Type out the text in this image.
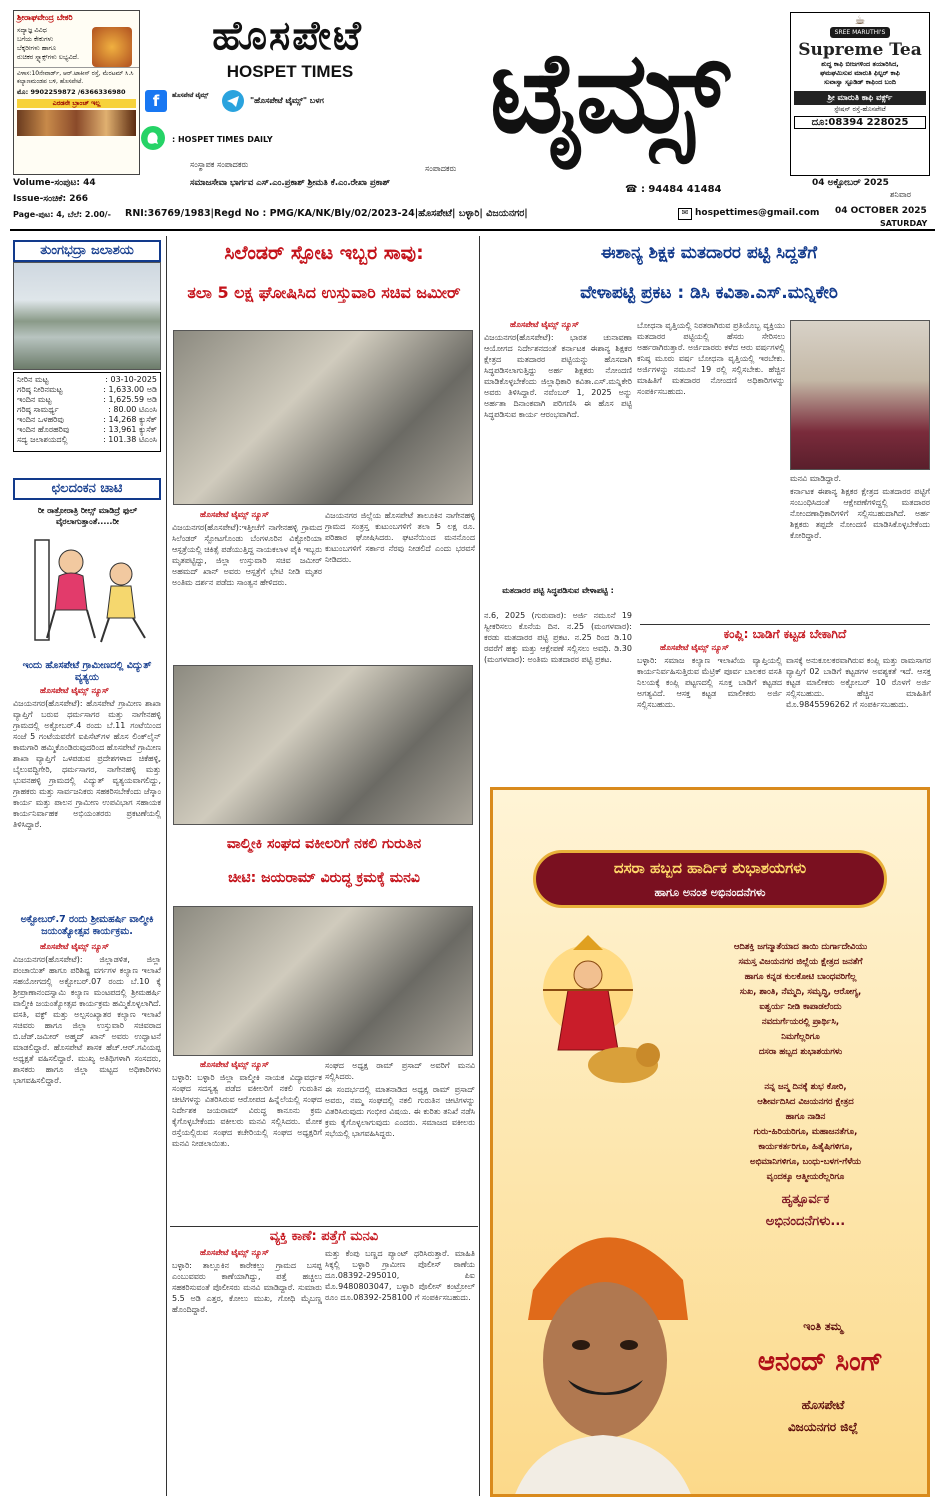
ಶ್ರೀರಾಘವೇಂದ್ರ ಬೇಕರಿ
ಸದ್ಯಾಜ್ಞ ವಿವಿಧ
ಬಗೆಯ ಕೇಕುಗಳು
ಬೆಕ್ಕರೀಗಳು ಹಾಗೂ
ರುಚಿಕರ ಸ್ನ್ಯಾಕ್ಸ್‌ಗಳು ಲಭ್ಯವಿದೆ.
ವಿಳಾಸ:10ನೇವಾರ್ಡ್, ಆರ್.ಟಾಕೀಸ್ ರಸ್ತೆ, ಮೆರಟಮ್ ಸಿ.ಸಿ ಕಲ್ಯಾಣಮಂಡಪ ಬಳಿ, ಹೊಸಪೇಟೆ.
ಮೊ: 9902259872 /6366336980
ಎರಡನೇ ಬ್ರಾಂಚ್ ಇಲ್ಲ
ಹೊಸಪೇಟೆ
HOSPET TIMES
f	ಹೊಸಪೇಟೆ ಟೈಮ್ಸ್
"ಹೊಸಪೇಟೆ ಟೈಮ್ಸ್" ಬಳಗ
: HOSPET TIMES DAILY	ಟೈಮ್ಸ್
☕
SREE MARUTHI'S
Supreme Tea
ಶುದ್ಧ ಕಾಫಿ ಬೀಜಗಳಿಂದ ತಯಾರಿಸಿದ,
ಘಮಘಮಿಸುವ ಮಾರುತಿ ಫಿಲ್ಟರ್ ಕಾಫಿ
ಸುವಾಸ್ವಾ ಸ್ಟೂಡಿಡ್ ಕಾಫಿಂದ ಬಂದಿ
ಶ್ರೀ ಮಾರುತಿ ಕಾಫಿ ವರ್ಕ್ಸ್
ಸ್ಟೇಷನ್ ರಸ್ತೆ-ಹೊಸಪೇಟೆ
ದೂ:08394 228025
ಸಂಸ್ಥಾಪಕ ಸಂಪಾದಕರು	ಸಂಪಾದಕರು
Volume-ಸಂಪುಟ: 44	ಸಮಾಜಸೇವಾ ಭಾರ್ಗವ ಎಸ್.ಎಂ.ಪ್ರಕಾಶ್ ಶ್ರೀಮತಿ ಕೆ.ಎಂ.ರೇಖಾ ಪ್ರಕಾಶ್
☎ : 94484 41484
04 ಅಕ್ಟೋಬರ್ 2025
ಶನಿವಾರ
Issue-ಸಂಚಿಕೆ: 266
Page-ಪುಟ: 4, ಬೆಲೆ: 2.00/-	RNI:36769/1983|Regd No : PMG/KA/NK/Bly/02/2023-24|ಹೊಸಪೇಟೆ| ಬಳ್ಳಾರಿ| ವಿಜಯನಗರ|	✉ hospettimes@gmail.com	04 OCTOBER 2025
SATURDAY
ತುಂಗಭದ್ರಾ ಜಲಾಶಯ
ನೀರಿನ ಮಟ್ಟ	: 03-10-2025
ಗರಿಷ್ಠ ನೀರಿನಮಟ್ಟ	: 1,633.00 ಅಡಿ
ಇಂದಿನ ಮಟ್ಟ	: 1,625.59 ಅಡಿ
ಗರಿಷ್ಠ ಸಾಮರ್ಥ್ಯ	: 80.00 ಟಿಎಂಸಿ
ಇಂದಿನ ಒಳಹರಿವು	: 14,268 ಕ್ಯುಸೆಕ್
ಇಂದಿನ ಹೊರಹರಿವು	: 13,961 ಕ್ಯುಸೆಕ್
ಸದ್ಯ ಜಲಾಶಯದಲ್ಲಿ	: 101.38 ಟಿಎಂಸಿ
ಛಲದಂಕನ ಚಾಟಿ
ರೀ ರಾತ್ರೋರಾತ್ರಿ ರೀಲ್ಸ್ ಮಾಡಿದ್ರೆ ಫುಲ್ ವೈರಲಾಗುತ್ತಾಂತೆ.....ರೀ
ಇಂದು ಹೊಸಪೇಟೆ ಗ್ರಾಮೀಣದಲ್ಲಿ ವಿದ್ಯುತ್ ವ್ಯತ್ಯಯ
ಹೊಸಪೇಟೆ ಟೈಮ್ಸ್ ನ್ಯೂಸ್
ವಿಜಯನಗರ(ಹೊಸಪೇಟೆ): ಹೊಸಪೇಟೆ ಗ್ರಾಮೀಣ ಶಾಖಾ ವ್ಯಾಪ್ತಿಗೆ ಬರುವ ಧರ್ಮಸಾಗರ ಮತ್ತು ನಾಗೇನಹಳ್ಳಿ ಗ್ರಾಮದಲ್ಲಿ ಅಕ್ಟೋಬರ್.4 ರಂದು ಬೆ.11 ಗಂಟೆಯಿಂದ ಸಂಜೆ 5 ಗಂಟೆಯವರೆಗೆ ಐಪಿಸೆಟ್‌ಗಳ ಹೊಸ ಲಿಂಕ್‌ಲೈನ್ ಕಾಮಗಾರಿ ಹಮ್ಮಿಕೊಂಡಿರುವುದರಿಂದ ಹೊಸಪೇಟೆ ಗ್ರಾಮೀಣ ಶಾಖಾ ವ್ಯಾಪ್ತಿಗೆ ಒಳಪಡುವ ಪ್ರದೇಶಗಳಾದ ಚಿಕೆಹಳ್ಳಿ, ಬೈಲುವದ್ದಿಗೇರಿ, ಧರ್ಮಸಾಗರ, ನಾಗೇನಹಳ್ಳಿ ಮತ್ತು ಭುವನಹಳ್ಳಿ ಗ್ರಾಮದಲ್ಲಿ ವಿದ್ಯುತ್ ವ್ಯತ್ಯಯವಾಗಲಿದ್ದು, ಗ್ರಾಹಕರು ಮತ್ತು ಸಾರ್ವಜನಿಕರು ಸಹಕರಿಸಬೇಕೆಂದು ಜೆಸ್ಕಾಂ ಕಾರ್ಯ ಮತ್ತು ಪಾಲನ ಗ್ರಾಮೀಣ ಉಪವಿಭಾಗ ಸಹಾಯಕ ಕಾರ್ಯನಿರ್ವಾಹಕ ಅಭಿಯಂತರರು ಪ್ರಕಟಣೆಯಲ್ಲಿ ತಿಳಿಸಿದ್ದಾರೆ.
ಅಕ್ಟೋಬರ್.7 ರಂದು ಶ್ರೀಮಹರ್ಷಿ ವಾಲ್ಮೀಕಿ ಜಯಂತ್ಯೋತ್ಸವ ಕಾರ್ಯಕ್ರಮ.
ಹೊಸಪೇಟೆ ಟೈಮ್ಸ್ ನ್ಯೂಸ್
ವಿಜಯನಗರ(ಹೊಸಪೇಟೆ): ಜಿಲ್ಲಾಡಳಿತ, ಜಿಲ್ಲಾ ಪಂಚಾಯಿತ್ ಹಾಗೂ ಪರಿಶಿಷ್ಟ ವರ್ಗಗಳ ಕಲ್ಯಾಣ ಇಲಾಖೆ ಸಹಯೋಗದಲ್ಲಿ ಅಕ್ಟೋಬರ್.07 ರಂದು ಬೆ.10 ಕ್ಕೆ ಶ್ರೀಪ್ರಾಣಾನಂದಸ್ವಾಮಿ ಕಲ್ಯಾಣ ಮಂಟಪದಲ್ಲಿ ಶ್ರೀಮಹರ್ಷಿ ವಾಲ್ಮೀಕಿ ಜಯಂತ್ಯೋತ್ಸವ ಕಾರ್ಯಕ್ರಮ ಹಮ್ಮಿಕೊಳ್ಳಲಾಗಿದೆ. ವಸತಿ, ವಕ್ಫ್ ಮತ್ತು ಅಲ್ಪಸಂಖ್ಯಾತರ ಕಲ್ಯಾಣ ಇಲಾಖೆ ಸಚಿವರು ಹಾಗೂ ಜಿಲ್ಲಾ ಉಸ್ತುವಾರಿ ಸಚಿವರಾದ ಬಿ.ಜೆಡ್.ಜಮೀರ್ ಅಹ್ಮದ್ ಖಾನ್ ಅವರು ಉದ್ಘಾಟನೆ ಮಾಡಲಿದ್ದಾರೆ. ಹೊಸಪೇಟೆ ಶಾಸಕ ಹೆಚ್.ಆರ್.ಗವಿಯಪ್ಪ ಅಧ್ಯಕ್ಷತೆ ವಹಿಸಲಿದ್ದಾರೆ. ಮುಖ್ಯ ಅತಿಥಿಗಳಾಗಿ ಸಂಸದರು, ಶಾಸಕರು ಹಾಗೂ ಜಿಲ್ಲಾ ಮಟ್ಟದ ಅಧಿಕಾರಿಗಳು ಭಾಗವಹಿಸಲಿದ್ದಾರೆ.
ಸಿಲೆಂಡರ್ ಸ್ಪೋಟ ಇಬ್ಬರ ಸಾವು:
ತಲಾ 5 ಲಕ್ಷ ಘೋಷಿಸಿದ ಉಸ್ತುವಾರಿ ಸಚಿವ ಜಮೀರ್
ಹೊಸಪೇಟೆ ಟೈಮ್ಸ್ ನ್ಯೂಸ್
ವಿಜಯನಗರ(ಹೊಸಪೇಟೆ):ಇತ್ತೀಚೆಗೆ ನಾಗೇನಹಳ್ಳಿ ಗ್ರಾಮದ ಸಿಲೆಂಡರ್ ಸ್ಪೋಟಗೊಂಡು ಬೆಂಗಳೂರಿನ ವಿಕ್ಟೋರಿಯಾ ಆಸ್ಪತ್ರೆಯಲ್ಲಿ ಚಿಕಿತ್ಸೆ ಪಡೆಯುತ್ತಿದ್ದ ನಾಯಕಲಾಳ ಪೈಕಿ ಇಬ್ಬರು ಮೃತಪಟ್ಟಿದ್ದು, ಜಿಲ್ಲಾ ಉಸ್ತುವಾರಿ ಸಚಿವ ಜಮೀರ್ ಅಹಮದ್ ಖಾನ್ ಅವರು ಆಸ್ಪತ್ರೆಗೆ ಭೇಟಿ ನೀಡಿ ಮೃತರ ಅಂತಿಮ ದರ್ಶನ ಪಡೆದು ಸಾಂತ್ವನ ಹೇಳಿದರು.
ವಿಜಯನಗರ ಜಿಲ್ಲೆಯ ಹೊಸಪೇಟೆ ತಾಲೂಕಿನ ನಾಗೇನಹಳ್ಳಿ ಗ್ರಾಮದ ಸಂತ್ರಸ್ತ ಕುಟುಂಬಗಳಿಗೆ ತಲಾ 5 ಲಕ್ಷ ರೂ. ಪರಿಹಾರ ಘೋಷಿಸಿದರು. ಘಟನೆಯಿಂದ ಮನನೊಂದ ಕುಟುಂಬಗಳಿಗೆ ಸರ್ಕಾರ ನೆರವು ನೀಡಲಿದೆ ಎಂದು ಭರವಸೆ ನೀಡಿದರು.
ವಾಲ್ಮೀಕಿ ಸಂಘದ ವಕೀಲರಿಗೆ ನಕಲಿ ಗುರುತಿನ
ಚೀಟಿ: ಜಯರಾಮ್ ವಿರುದ್ಧ ಕ್ರಮಕ್ಕೆ ಮನವಿ
ಹೊಸಪೇಟೆ ಟೈಮ್ಸ್ ನ್ಯೂಸ್
ಬಳ್ಳಾರಿ: ಬಳ್ಳಾರಿ ಜಿಲ್ಲಾ ವಾಲ್ಮೀಕಿ ನಾಯಕ ವಿದ್ಯಾವರ್ಧಕ ಸಂಘದ ಸದಸ್ಯತ್ವ ಪಡೆದ ವಕೀಲರಿಗೆ ನಕಲಿ ಗುರುತಿನ ಚೀಟಿಗಳನ್ನು ವಿತರಿಸಿರುವ ಆರೋಪದ ಹಿನ್ನೆಲೆಯಲ್ಲಿ ಸಂಘದ ನಿರ್ದೇಶಕ ಜಯರಾಮ್ ವಿರುದ್ಧ ಕಾನೂನು ಕ್ರಮ ಕೈಗೊಳ್ಳಬೇಕೆಂದು ವಕೀಲರು ಮನವಿ ಸಲ್ಲಿಸಿದರು. ಮೋಕ ರಸ್ತೆಯಲ್ಲಿರುವ ಸಂಘದ ಕಚೇರಿಯಲ್ಲಿ ಸಂಘದ ಅಧ್ಯಕ್ಷರಿಗೆ ಮನವಿ ನೀಡಲಾಯಿತು.
ಸಂಘದ ಅಧ್ಯಕ್ಷ ರಾಮ್ ಪ್ರಸಾದ್ ಅವರಿಗೆ ಮನವಿ ಸಲ್ಲಿಸಿದರು.
ಈ ಸಂದರ್ಭದಲ್ಲಿ ಮಾತನಾಡಿದ ಅಧ್ಯಕ್ಷ ರಾಮ್ ಪ್ರಸಾದ್ ಅವರು, ನಮ್ಮ ಸಂಘದಲ್ಲಿ ನಕಲಿ ಗುರುತಿನ ಚೀಟಿಗಳನ್ನು ವಿತರಿಸಿರುವುದು ಗಂಭೀರ ವಿಷಯ. ಈ ಕುರಿತು ತನಿಖೆ ನಡೆಸಿ ಕ್ರಮ ಕೈಗೊಳ್ಳಲಾಗುವುದು ಎಂದರು. ಸಮಾಜದ ವಕೀಲರು ಸಭೆಯಲ್ಲಿ ಭಾಗವಹಿಸಿದ್ದರು.
ವ್ಯಕ್ತಿ ಕಾಣೆ: ಪತ್ತೆಗೆ ಮನವಿ
ಹೊಸಪೇಟೆ ಟೈಮ್ಸ್ ನ್ಯೂಸ್
ಬಳ್ಳಾರಿ: ತಾಲ್ಲೂಕಿನ ಕಾರೇಕಲ್ಲು ಗ್ರಾಮದ ಬಸಪ್ಪ ಎಂಬುವವರು ಕಾಣೆಯಾಗಿದ್ದು, ಪತ್ತೆ ಹಚ್ಚಲು ಸಹಕರಿಸುವಂತೆ ಪೊಲೀಸರು ಮನವಿ ಮಾಡಿದ್ದಾರೆ. ಸುಮಾರು 5.5 ಅಡಿ ಎತ್ತರ, ಕೋಲು ಮುಖ, ಗೋಧಿ ಮೈಬಣ್ಣ ಹೊಂದಿದ್ದಾರೆ.
ಮತ್ತು ಕೆಂಪು ಬಣ್ಣದ ಪ್ಯಾಂಟ್ ಧರಿಸಿರುತ್ತಾರೆ. ಮಾಹಿತಿ ಸಿಕ್ಕಲ್ಲಿ ಬಳ್ಳಾರಿ ಗ್ರಾಮೀಣ ಪೊಲೀಸ್ ಠಾಣೆಯ ದೂ.08392-295010, ಪಿಐ ಮೊ.9480803047, ಬಳ್ಳಾರಿ ಪೊಲೀಸ್ ಕಂಟ್ರೋಲ್ ರೂಂ ದೂ.08392-258100 ಗೆ ಸಂಪರ್ಕಿಸಬಹುದು.
ಈಶಾನ್ಯ ಶಿಕ್ಷಕ ಮತದಾರರ ಪಟ್ಟಿ ಸಿದ್ದತೆಗೆ
ವೇಳಾಪಟ್ಟಿ ಪ್ರಕಟ : ಡಿಸಿ ಕವಿತಾ.ಎಸ್.ಮನ್ನಿಕೇರಿ
ಹೊಸಪೇಟೆ ಟೈಮ್ಸ್ ನ್ಯೂಸ್
ವಿಜಯನಗರ(ಹೊಸಪೇಟೆ): ಭಾರತ ಚುನಾವಣಾ ಆಯೋಗದ ನಿರ್ದೇಶನದಂತೆ ಕರ್ನಾಟಕ ಈಶಾನ್ಯ ಶಿಕ್ಷಕರ ಕ್ಷೇತ್ರದ ಮತದಾರರ ಪಟ್ಟಿಯನ್ನು ಹೊಸದಾಗಿ ಸಿದ್ಧಪಡಿಸಲಾಗುತ್ತಿದ್ದು ಅರ್ಹ ಶಿಕ್ಷಕರು ನೋಂದಣಿ ಮಾಡಿಕೊಳ್ಳಬೇಕೆಂದು ಜಿಲ್ಲಾಧಿಕಾರಿ ಕವಿತಾ.ಎಸ್.ಮನ್ನಿಕೇರಿ ಅವರು ತಿಳಿಸಿದ್ದಾರೆ. ನವೆಂಬರ್ 1, 2025 ಅನ್ನು ಅರ್ಹತಾ ದಿನಾಂಕವಾಗಿ ಪರಿಗಣಿಸಿ ಈ ಹೊಸ ಪಟ್ಟಿ ಸಿದ್ಧಪಡಿಸುವ ಕಾರ್ಯ ಆರಂಭವಾಗಿದೆ.
ಮತದಾರರ ಪಟ್ಟಿ ಸಿದ್ಧಪಡಿಸುವ ವೇಳಾಪಟ್ಟಿ :
ನ.6, 2025 (ಗುರುವಾರ): ಅರ್ಜಿ ನಮೂನೆ 19 ಸ್ವೀಕರಿಸಲು ಕೊನೆಯ ದಿನ. ನ.25 (ಮಂಗಳವಾರ): ಕರಡು ಮತದಾರರ ಪಟ್ಟಿ ಪ್ರಕಟ. ನ.25 ರಿಂದ ಡಿ.10 ರವರೆಗೆ ಹಕ್ಕು ಮತ್ತು ಆಕ್ಷೇಪಣೆ ಸಲ್ಲಿಸಲು ಅವಧಿ. ಡಿ.30 (ಮಂಗಳವಾರ): ಅಂತಿಮ ಮತದಾರರ ಪಟ್ಟಿ ಪ್ರಕಟ.
ಬೋಧನಾ ವೃತ್ತಿಯಲ್ಲಿ ನಿರತರಾಗಿರುವ ಪ್ರತಿಯೊಬ್ಬ ವ್ಯಕ್ತಿಯು ಮತದಾರರ ಪಟ್ಟಿಯಲ್ಲಿ ಹೆಸರು ಸೇರಿಸಲು ಅರ್ಹರಾಗಿರುತ್ತಾರೆ. ಅರ್ಜಿದಾರರು ಕಳೆದ ಆರು ವರ್ಷಗಳಲ್ಲಿ ಕನಿಷ್ಠ ಮೂರು ವರ್ಷ ಬೋಧನಾ ವೃತ್ತಿಯಲ್ಲಿ ಇರಬೇಕು. ಅರ್ಜಿಗಳನ್ನು ನಮೂನೆ 19 ರಲ್ಲಿ ಸಲ್ಲಿಸಬೇಕು. ಹೆಚ್ಚಿನ ಮಾಹಿತಿಗೆ ಮತದಾರರ ನೋಂದಣಿ ಅಧಿಕಾರಿಗಳನ್ನು ಸಂಪರ್ಕಿಸಬಹುದು.
ಮನವಿ ಮಾಡಿದ್ದಾರೆ.
ಕರ್ನಾಟಕ ಈಶಾನ್ಯ ಶಿಕ್ಷಕರ ಕ್ಷೇತ್ರದ ಮತದಾರರ ಪಟ್ಟಿಗೆ ಸಂಬಂಧಿಸಿದಂತೆ ಆಕ್ಷೇಪಣೆಗಳಿದ್ದಲ್ಲಿ ಮತದಾರರ ನೋಂದಣಾಧಿಕಾರಿಗಳಿಗೆ ಸಲ್ಲಿಸಬಹುದಾಗಿದೆ. ಅರ್ಹ ಶಿಕ್ಷಕರು ತಪ್ಪದೇ ನೋಂದಣಿ ಮಾಡಿಸಿಕೊಳ್ಳಬೇಕೆಂದು ಕೋರಿದ್ದಾರೆ.
ಕಂಪ್ಲಿ: ಬಾಡಿಗೆ ಕಟ್ಟಡ ಬೇಕಾಗಿದೆ
ಹೊಸಪೇಟೆ ಟೈಮ್ಸ್ ನ್ಯೂಸ್
ಬಳ್ಳಾರಿ: ಸಮಾಜ ಕಲ್ಯಾಣ ಇಲಾಖೆಯ ವ್ಯಾಪ್ತಿಯಲ್ಲಿ ಕಾರ್ಯನಿರ್ವಹಿಸುತ್ತಿರುವ ಮೆಟ್ರಿಕ್ ಪೂರ್ವ ಬಾಲಕರ ವಸತಿ ನಿಲಯಕ್ಕೆ ಕಂಪ್ಲಿ ಪಟ್ಟಣದಲ್ಲಿ ಸೂಕ್ತ ಬಾಡಿಗೆ ಕಟ್ಟಡದ ಅಗತ್ಯವಿದೆ. ಆಸಕ್ತ ಕಟ್ಟಡ ಮಾಲೀಕರು ಅರ್ಜಿ ಸಲ್ಲಿಸಬಹುದು.
ವಾಸಕ್ಕೆ ಅನುಕೂಲಕರವಾಗಿರುವ ಕಂಪ್ಲಿ ಮತ್ತು ರಾಮಸಾಗರ ವ್ಯಾಪ್ತಿಗೆ 02 ಬಾಡಿಗೆ ಕಟ್ಟಡಗಳ ಅವಶ್ಯಕತೆ ಇದೆ. ಆಸಕ್ತ ಕಟ್ಟಡ ಮಾಲೀಕರು ಅಕ್ಟೋಬರ್ 10 ರೊಳಗೆ ಅರ್ಜಿ ಸಲ್ಲಿಸಬಹುದು. ಹೆಚ್ಚಿನ ಮಾಹಿತಿಗೆ ಮೊ.9845596262 ಗೆ ಸಂಪರ್ಕಿಸಬಹುದು.
ದಸರಾ ಹಬ್ಬದ ಹಾರ್ದಿಕ ಶುಭಾಶಯಗಳು
ಹಾಗೂ ಅನಂತ ಅಭಿನಂದನೆಗಳು
ಆದಿಶಕ್ತಿ ಜಗನ್ಮಾತೆಯಾದ ತಾಯಿ ದುರ್ಗಾದೇವಿಯು
ಸಮಸ್ತ ವಿಜಯನಗರ ಜಿಲ್ಲೆಯ ಕ್ಷೇತ್ರದ ಜನತೆಗೆ
ಹಾಗೂ ಕನ್ನಡ ಕುಲಕೋಟಿ ಬಾಂಧವರಿಗೆಲ್ಲ
ಸುಖ, ಶಾಂತಿ, ನೆಮ್ಮದಿ, ಸಮೃದ್ಧಿ, ಆರೋಗ್ಯ,
ಐಶ್ವರ್ಯ ನೀಡಿ ಕಾಪಾಡಲೆಂದು
ನವದುರ್ಗೆಯರಲ್ಲಿ ಪ್ರಾರ್ಥಿಸಿ,
ನಿಮಗೆಲ್ಲರಿಗೂ
ದಸರಾ ಹಬ್ಬದ ಶುಭಾಶಯಗಳು
ನನ್ನ ಜನ್ಮ ದಿನಕ್ಕೆ ಶುಭ ಕೋರಿ,
ಆಶೀರ್ವದಿಸಿದ ವಿಜಯನಗರ ಕ್ಷೇತ್ರದ
ಹಾಗೂ ನಾಡಿನ
ಗುರು-ಹಿರಿಯರಿಗೂ, ಮಹಾಜನತೆಗೂ,
ಕಾರ್ಯಕರ್ತರಿಗೂ, ಹಿತೈಷಿಗಳಿಗೂ,
ಅಭಿಮಾನಿಗಳಿಗೂ, ಬಂಧು-ಬಳಗ-ಗೆಳೆಯ
ವೃಂದಕ್ಕೂ ಆತ್ಮೀಯರೆಲ್ಲರಿಗೂ
ಹೃತ್ಪೂರ್ವಕ
ಅಭಿನಂದನೆಗಳು...
ಇಂತಿ ತಮ್ಮ
ಆನಂದ್ ಸಿಂಗ್
ಹೊಸಪೇಟೆ
ವಿಜಯನಗರ ಜಿಲ್ಲೆ
